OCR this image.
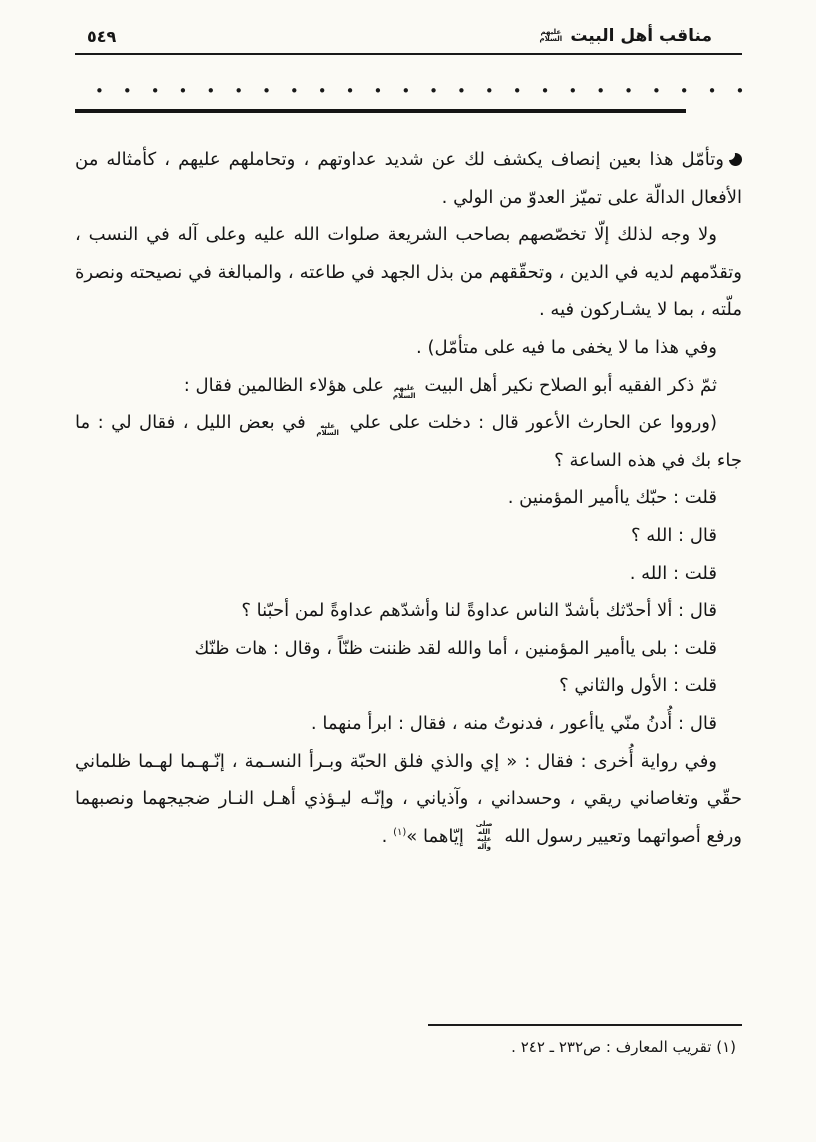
٥٤٩	مناقب أهل البيت
عليهم السلام
••••••••••••••••••••••••

وتأمّل هذا بعين إنصاف يكشف لك عن شديد عداوتهم ، وتحاملهم عليهم ، كأمثاله من الأفعال الدالّة على تميّز العدوّ من الولي .

ولا وجه لذلك إلّا تخصّصهم بصاحب الشريعة صلوات الله عليه وعلى آله في النسب ، وتقدّمهم لديه في الدين ، وتحقّقهم من بذل الجهد في طاعته ، والمبالغة في نصيحته ونصرة ملّته ، بما لا يشـاركون فيه .

وفي هذا ما لا يخفى ما فيه على متأمّل) .

ثمّ ذكر الفقيه أبو الصلاح نكير أهل البيت عليهم السلام على هؤلاء الظالمين فقال :

(ورووا عن الحارث الأعور قال : دخلت على علي عليه السلام في بعض الليل ، فقال لي : ما جاء بك في هذه الساعة ؟

قلت : حبّك ياأمير المؤمنين .

قال : الله ؟

قلت : الله .

قال : ألا أحدّثك بأشدّ الناس عداوةً لنا وأشدّهم عداوةً لمن أحبّنا ؟

قلت : بلى ياأمير المؤمنين ، أما والله لقد ظننت ظنّاً ، وقال : هات ظنّك

قلت : الأول والثاني ؟

قال : أُدنُ منّي ياأعور ، فدنوتُ منه ، فقال : ابرأ منهما .

وفي رواية أُخرى : فقال : « إي والذي فلق الحبّة وبـرأ النسـمة ، إنّـهـما لهـما ظلماني حقّي وتغاصاني ريقي ، وحسداني ، وآذياني ، وإنّـه ليـؤذي أهـل النـار ضجيجهما ونصبهما ورفع أصواتهما وتعيير رسول الله صلى الله عليه وآله إيّاهما »$^{(١)}$ .

(١) تقريب المعارف : ص٢٣٢ ـ ٢٤٢ .
